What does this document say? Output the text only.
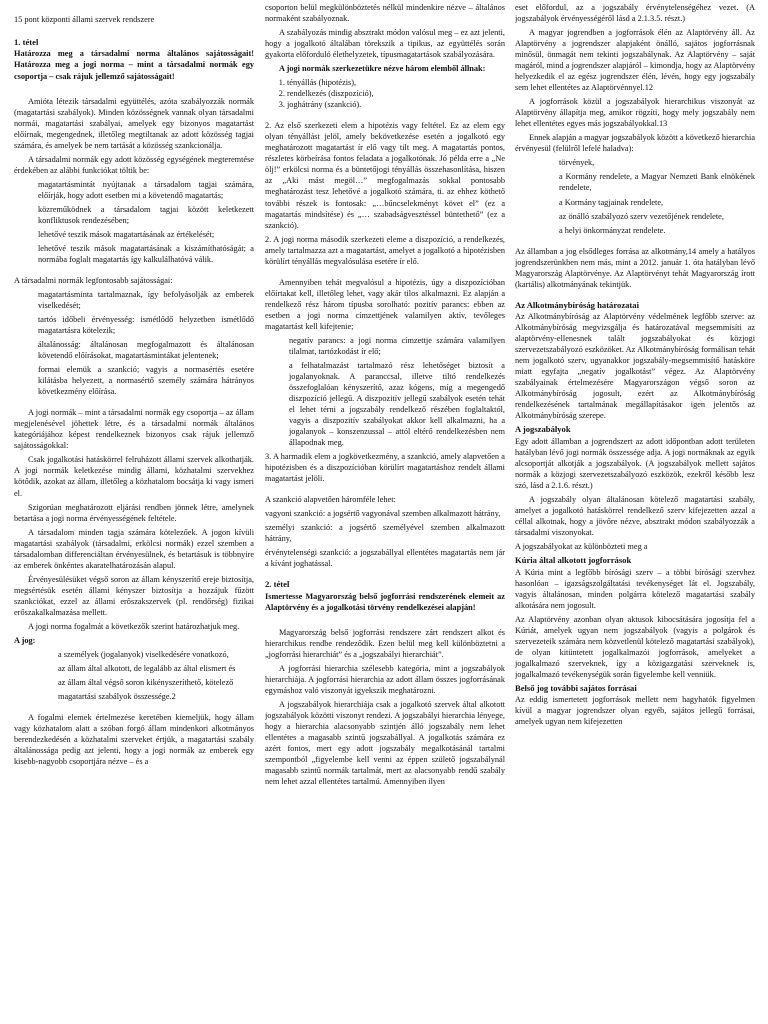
15 pont központi állami szervek rendszere
1. tétel
Határozza meg a társadalmi norma általános sajátosságait! Határozza meg a jogi norma – mint a társadalmi normák egy csoportja – csak rájuk jellemző sajátosságait!

Amióta létezik társadalmi együttélés, azóta szabályozzák normák (magatartási szabályok). Minden közösségnek vannak olyan társadalmi normái, magatartási szabályai, amelyek egy bizonyos magatartást előírnak, megengednek, illetőleg megtiltanak az adott közösség tagjai számára, és amelyek be nem tartását a közösség szankcionálja.

A társadalmi normák egy adott közösség egységének megteremtése érdekében az alábbi funkciókat töltik be:

magatartásmintát nyújtanak a társadalom tagjai számára, előírják, hogy adott esetben mi a követendő magatartás;

közreműködnek a társadalom tagjai között keletkezett konfliktusok rendezésében;

lehetővé teszik mások magatartásának az értékelését;

lehetővé teszik mások magatartásának a kiszámíthatóságát; a normába foglalt magatartás így kalkulálhatóvá válik.

A társadalmi normák legfontosabb sajátosságai:

magatartásminta tartalmaznak, így befolyásolják az emberek viselkedését;

tartós időbeli érvényesség: ismétlődő helyzetben ismétlődő magatartásra kötelezik;

általánosság: általánosan megfogalmazott és általánosan követendő előírásokat, magatartásmintákat jelentenek;

formai elemük a szankció; vagyis a normasértés esetére kilátásba helyezett, a normasértő személy számára hátrányos következmény előírása.

A jogi normák – mint a társadalmi normák egy csoportja – az állam megjelenésével jöhettek létre, és a társadalmi normák általános kategóriájához képest rendelkeznek bizonyos csak rájuk jellemző sajátosságokkal:

Csak jogalkotási hatáskörrel felruházott állami szervek alkothatják. A jogi normák keletkezése mindig állami, közhatalmi szervekhez kötődik, azokat az állam, illetőleg a közhatalom bocsátja ki vagy ismeri el.

Szigorúan meghatározott eljárási rendben jönnek létre, amelynek betartása a jogi norma érvényességének feltétele.

A társadalom minden tagja számára kötelezőek. A jogon kívüli magatartási szabályok (társadalmi, erkölcsi normák) ezzel szemben a társadalomban differenciáltan érvényesülnek, és betartásuk is többnyire az emberek önkéntes akaratelhatározásán alapul.

Érvényesülésüket végső soron az állam kényszerítő ereje biztosítja, megsértésük esetén állami kényszer biztosítja a hozzájuk fűzött szankciókat, ezzel az állami erőszakszervek (pl. rendőrség) fizikai erőszakalkalmazása mellett.

A jogi norma fogalmát a következők szerint határozhatjuk meg.

A jog:

a személyek (jogalanyok) viselkedésére vonatkozó,

az állam által alkotott, de legalább az által elismert és

az állam által végső soron kikényszeríthető, kötelező

magatartási szabályok összessége.2

A fogalmi elemek értelmezése keretében kiemeljük, hogy állam vagy közhatalom alatt a szóban forgó állam mindenkori alkotmányos berendezkedésén a közhatalmi szerveket értjük, a magatartási szabály általánossága pedig azt jelenti, hogy a jogi normák az emberek egy kisebb-nagyobb csoportjára nézve – és a

csoporton belül megkülönböztetés nélkül mindenkire nézve – általános normaként szabályoznak.

A szabályozás mindig absztrakt módon valósul meg – ez azt jelenti, hogy a jogalkotó általában törekszik a tipikus, az együttélés során gyakorta előforduló élethelyzetek, típusmagatartások szabályozására.

A jogi normák szerkezetükre nézve három elemből állnak:

1. tényállás (hipotézis),
2. rendelkezés (diszpozíció),
3. joghátrány (szankció).

2. Az első szerkezeti elem a hipotézis vagy feltétel. Ez az elem egy olyan tényállást jelöl, amely bekövetkezése esetén a jogalkotó egy meghatározott magatartást ír elő vagy tilt meg. A magatartás pontos, részletes körbeírása fontos feladata a jogalkotónak. Jó példa erre a „Ne ölj!” erkölcsi norma és a büntetőjogi tényállás összehasonlítása, hiszen az „Aki mást megöl…” megfogalmazás sokkal pontosabb meghatározást tesz lehetővé a jogalkotó számára, ti. az ehhez köthető további részek is fontosak: „…bűncselekményt követ el” (ez a magatartás mindsítése) és „… szabadságvesztéssel büntethető” (ez a szankció).

2. A jogi norma második szerkezeti eleme a diszpozíció, a rendelkezés, amely tartalmazza azt a magatartást, amelyet a jogalkotó a hipotézisben körülírt tényállás megvalósulása esetére ír elő.

Amennyiben tehát megvalósul a hipotézis, úgy a diszpozícióban előírtakat kell, illetőleg lehet, vagy akár tilos alkalmazni. Ez alapján a rendelkező rész három típusba sorolható: pozitív parancs: ebben az esetben a jogi norma címzettjének valamilyen aktív, tevőleges magatartást kell kifejtenie;

negatív parancs: a jogi norma címzettje számára valamilyen tilalmat, tartózkodást ír elő;

a felhatalmazást tartalmazó rész lehetőséget biztosít a jogalanyoknak. A paranccsal, illetve tiltó rendelkezés összefoglalóan kényszerítő, azaz kógens, míg a megengedő diszpozíció jellegű. A diszpozitív jellegű szabályok esetén tehát el lehet térni a jogszabály rendelkező részében foglaltaktól, vagyis a diszpozitív szabályokat akkor kell alkalmazni, ha a jogalanyok – konszenzussal – attól eltérő rendelkezésben nem állapodnak meg.

3. A harmadik elem a jogkövetkezmény, a szankció, amely alapvetően a hipotézisben és a diszpozícióban körülírt magatartáshoz rendelt állami magatartást jelöli.

A szankció alapvetően háromféle lehet:

vagyoni szankció: a jogsértő vagyonával szemben alkalmazott hátrány,

személyi szankció: a jogsértő személyével szemben alkalmazott hátrány,

érvénytelenségi szankció: a jogszabállyal ellentétes magatartás nem jár a kívánt joghatással.

2. tétel
Ismertesse Magyarország belső jogforrási rendszerének elemeit az Alaptörvény és a jogalkotási törvény rendelkezései alapján!

Magyarország belső jogforrási rendszere zárt rendszert alkot és hierarchikus rendbe rendeződik. Ezen belül meg kell különböztetni a „jogforrási hierarchiát” és a „jogszabályi hierarchiát”.

A jogforrási hierarchia szélesebb kategória, mint a jogszabályok hierarchiája. A jogforrási hierarchia az adott állam összes jogforrásának egymáshoz való viszonyát igyekszik meghatározni.

A jogszabályok hierarchiája csak a jogalkotó szervek által alkotott jogszabályok közötti viszonyt rendezi. A jogszabályi hierarchia lényege, hogy a hierarchia alacsonyabb szintjén álló jogszabály nem lehet ellentétes a magasabb szintű jogszabállyal. A jogalkotás számára ez azért fontos, mert egy adott jogszabály megalkotásánál tartalmi szempontból „figyelembe kell venni az éppen születő jogszabálynál magasabb szintű normák tartalmát, mert az alacsonyabb rendű szabály nem lehet azzal ellentétes tartalmú. Amennyiben ilyen

eset előfordul, az a jogszabály érvénytelenségéhez vezet. (A jogszabályok érvényességéről lásd a 2.1.3.5. részt.)

A magyar jogrendben a jogforrások élén az Alaptörvény áll. Az Alaptörvény a jogrendszer alapjaként önálló, sajátos jogforrásnak minősül, önmagát nem tekinti jogszabálynak. Az Alaptörvény – saját magáról, mind a jogrendszer alapjáról – kimondja, hogy az Alaptörvény helyezkedik el az egész jogrendszer élén, lévén, hogy egy jogszabály sem lehet ellentétes az Alaptörvénnyel.12

A jogforrások közül a jogszabályok hierarchikus viszonyát az Alaptörvény állapítja meg, amikor rögzíti, hogy mely jogszabály nem lehet ellentétes egyes más jogszabályokkal.13

Ennek alapján a magyar jogszabályok között a következő hierarchia érvényesül (felülről lefelé haladva):

törvények,

a Kormány rendelete, a Magyar Nemzeti Bank elnökének rendelete,

a Kormány tagjainak rendelete,

az önálló szabályozó szerv vezetőjének rendelete,

a helyi önkormányzat rendelete.

Az államban a jog elsődleges forrása az alkotmány,14 amely a hatályos jogrendszerünkben nem más, mint a 2012. január 1. óta hatályban lévő Magyarország Alaptörvénye. Az Alaptörvényt tehát Magyarország írott (kartális) alkotmányának tekintjük.

Az Alkotmánybíróság határozatai

Az Alkotmánybíróság az Alaptörvény védelmének legfőbb szerve: az Alkotmánybíróság megvizsgálja és határozatával megsemmisíti az alaptörvény-ellenesnek talált jogszabályokat és közjogi szervezetszabályozó eszközöket. Az Alkotmánybíróság formálisan tehát nem jogalkotó szerv, ugyanakkor jogszabály-megsemmisítő hatásköre miatt egyfajta „negatív jogalkotást” végez. Az Alaptörvény szabályainak értelmezésére Magyarországon végső soron az Alkotmánybíróság jogosult, ezért az Alkotmánybíróság rendelkezésének tartalmának megállapításakor igen jelentős az Alkotmánybíróság szerepe.

A jogszabályok

Egy adott államban a jogrendszert az adott időpontban adott területen hatályban lévő jogi normák összessége adja. A jogi normáknak az egyik alcsoportját alkotják a jogszabályok. (A jogszabályok mellett sajátos normák a közjogi szervezetszabályozó eszközök, ezekről később lesz szó, lásd a 2.1.6. részt.)

A jogszabály olyan általánosan kötelező magatartási szabály, amelyet a jogalkotó hatáskörrel rendelkező szerv kifejezetten azzal a céllal alkotnak, hogy a jövőre nézve, absztrakt módon szabályozzák a társadalmi viszonyokat.

A jogszabályokat az különbözteti meg a

Kúria által alkotott jogforrások

A Kúria mint a legfőbb bírósági szerv – a többi bírósági szervhez hasonlóan – igazságszolgáltatási tevékenységet lát el. Jogszabály, vagyis általánosan, minden polgárra kötelező magatartási szabály alkotására nem jogosult.

Az Alaptörvény azonban olyan aktusok kibocsátására jogosítja fel a Kúriát, amelyek ugyan nem jogszabályok (vagyis a polgárok és szervezeteik számára nem közvetlenül kötelező magatartási szabályok), de olyan kitüntetett jogalkalmazói jogforrások, amelyeket a jogalkalmazó szerveknek, így a közigazgatási szerveknek is, jogalkalmazó tevékenységük során figyelembe kell venniük.

Belső jog további sajátos forrásai

Az eddig ismertetett jogforrások mellett nem hagyhatók figyelmen kívül a magyar jogrendszer olyan egyéb, sajátos jellegű forrásai, amelyek ugyan nem kifejezetten
